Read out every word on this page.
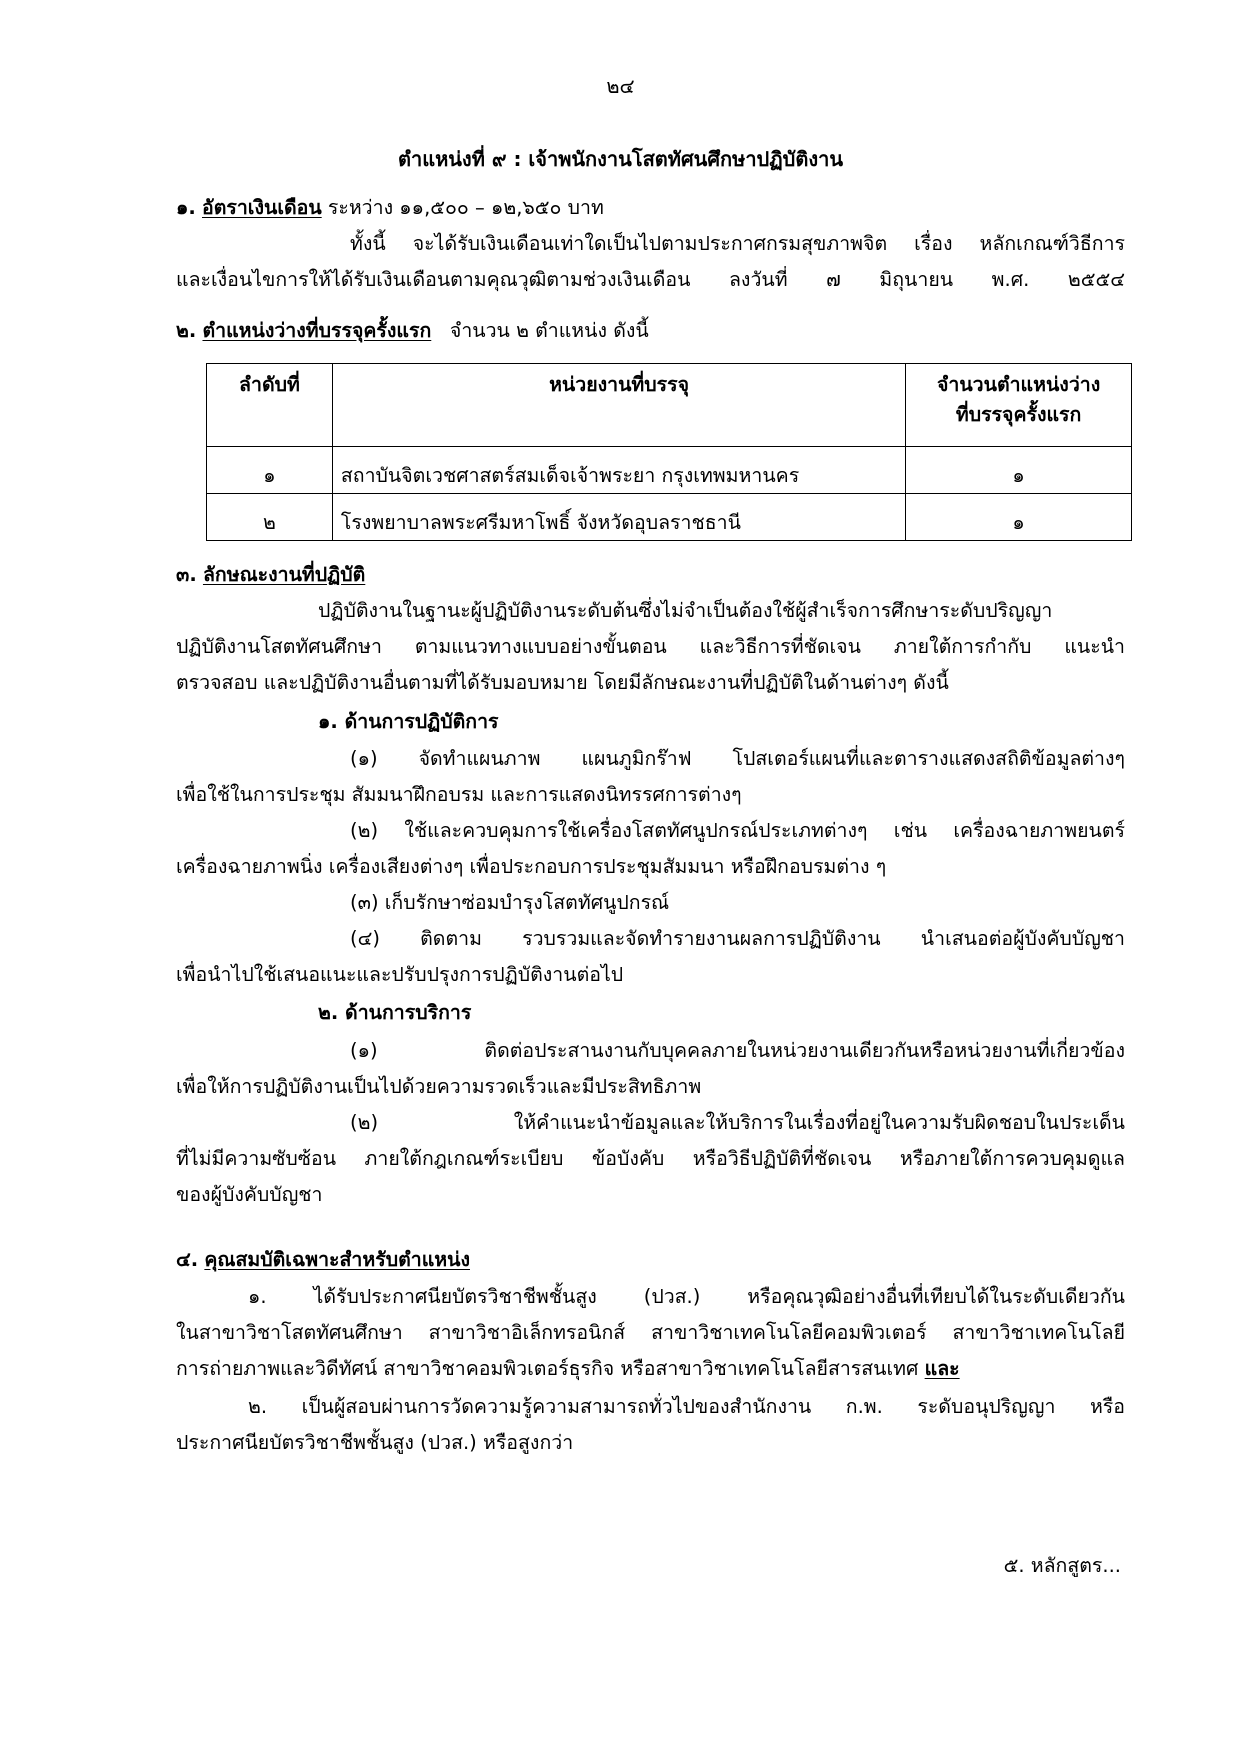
๒๔
ตำแหน่งที่ ๙ : เจ้าพนักงานโสตทัศนศึกษาปฏิบัติงาน
๑. อัตราเงินเดือน ระหว่าง ๑๑,๕๐๐ – ๑๒,๖๕๐ บาท
ทั้งนี้ จะได้รับเงินเดือนเท่าใดเป็นไปตามประกาศกรมสุขภาพจิต เรื่อง หลักเกณฑ์วิธีการ
และเงื่อนไขการให้ได้รับเงินเดือนตามคุณวุฒิตามช่วงเงินเดือน ลงวันที่ ๗ มิถุนายน พ.ศ. ๒๕๕๔
๒. ตำแหน่งว่างที่บรรจุครั้งแรก จำนวน ๒ ตำแหน่ง ดังนี้
ลำดับที่	หน่วยงานที่บรรจุ	จำนวนตำแหน่งว่าง
ที่บรรจุครั้งแรก

๑	สถาบันจิตเวชศาสตร์สมเด็จเจ้าพระยา กรุงเทพมหานคร	๑
๒	โรงพยาบาลพระศรีมหาโพธิ์ จังหวัดอุบลราชธานี	๑
๓. ลักษณะงานที่ปฏิบัติ
ปฏิบัติงานในฐานะผู้ปฏิบัติงานระดับต้นซึ่งไม่จำเป็นต้องใช้ผู้สำเร็จการศึกษาระดับปริญญา
ปฏิบัติงานโสตทัศนศึกษา ตามแนวทางแบบอย่างขั้นตอน และวิธีการที่ชัดเจน ภายใต้การกำกับ แนะนำ
ตรวจสอบ และปฏิบัติงานอื่นตามที่ได้รับมอบหมาย โดยมีลักษณะงานที่ปฏิบัติในด้านต่างๆ ดังนี้
๑. ด้านการปฏิบัติการ
(๑) จัดทำแผนภาพ แผนภูมิกร๊าฟ โปสเตอร์แผนที่และตารางแสดงสถิติข้อมูลต่างๆ
เพื่อใช้ในการประชุม สัมมนาฝึกอบรม และการแสดงนิทรรศการต่างๆ
(๒) ใช้และควบคุมการใช้เครื่องโสตทัศนูปกรณ์ประเภทต่างๆ เช่น เครื่องฉายภาพยนตร์
เครื่องฉายภาพนิ่ง เครื่องเสียงต่างๆ เพื่อประกอบการประชุมสัมมนา หรือฝึกอบรมต่าง ๆ
(๓) เก็บรักษาซ่อมบำรุงโสตทัศนูปกรณ์
(๔) ติดตาม รวบรวมและจัดทำรายงานผลการปฏิบัติงาน นำเสนอต่อผู้บังคับบัญชา
เพื่อนำไปใช้เสนอแนะและปรับปรุงการปฏิบัติงานต่อไป
๒. ด้านการบริการ
(๑) ติดต่อประสานงานกับบุคคลภายในหน่วยงานเดียวกันหรือหน่วยงานที่เกี่ยวข้อง
เพื่อให้การปฏิบัติงานเป็นไปด้วยความรวดเร็วและมีประสิทธิภาพ
(๒) ให้คำแนะนำข้อมูลและให้บริการในเรื่องที่อยู่ในความรับผิดชอบในประเด็น
ที่ไม่มีความซับซ้อน ภายใต้กฎเกณฑ์ระเบียบ ข้อบังคับ หรือวิธีปฏิบัติที่ชัดเจน หรือภายใต้การควบคุมดูแล
ของผู้บังคับบัญชา
๔. คุณสมบัติเฉพาะสำหรับตำแหน่ง
๑. ได้รับประกาศนียบัตรวิชาชีพชั้นสูง (ปวส.) หรือคุณวุฒิอย่างอื่นที่เทียบได้ในระดับเดียวกัน
ในสาขาวิชาโสตทัศนศึกษา สาขาวิชาอิเล็กทรอนิกส์ สาขาวิชาเทคโนโลยีคอมพิวเตอร์ สาขาวิชาเทคโนโลยี
การถ่ายภาพและวิดีทัศน์ สาขาวิชาคอมพิวเตอร์ธุรกิจ หรือสาขาวิชาเทคโนโลยีสารสนเทศ และ
๒. เป็นผู้สอบผ่านการวัดความรู้ความสามารถทั่วไปของสำนักงาน ก.พ. ระดับอนุปริญญา หรือ
ประกาศนียบัตรวิชาชีพชั้นสูง (ปวส.) หรือสูงกว่า
๕. หลักสูตร...
